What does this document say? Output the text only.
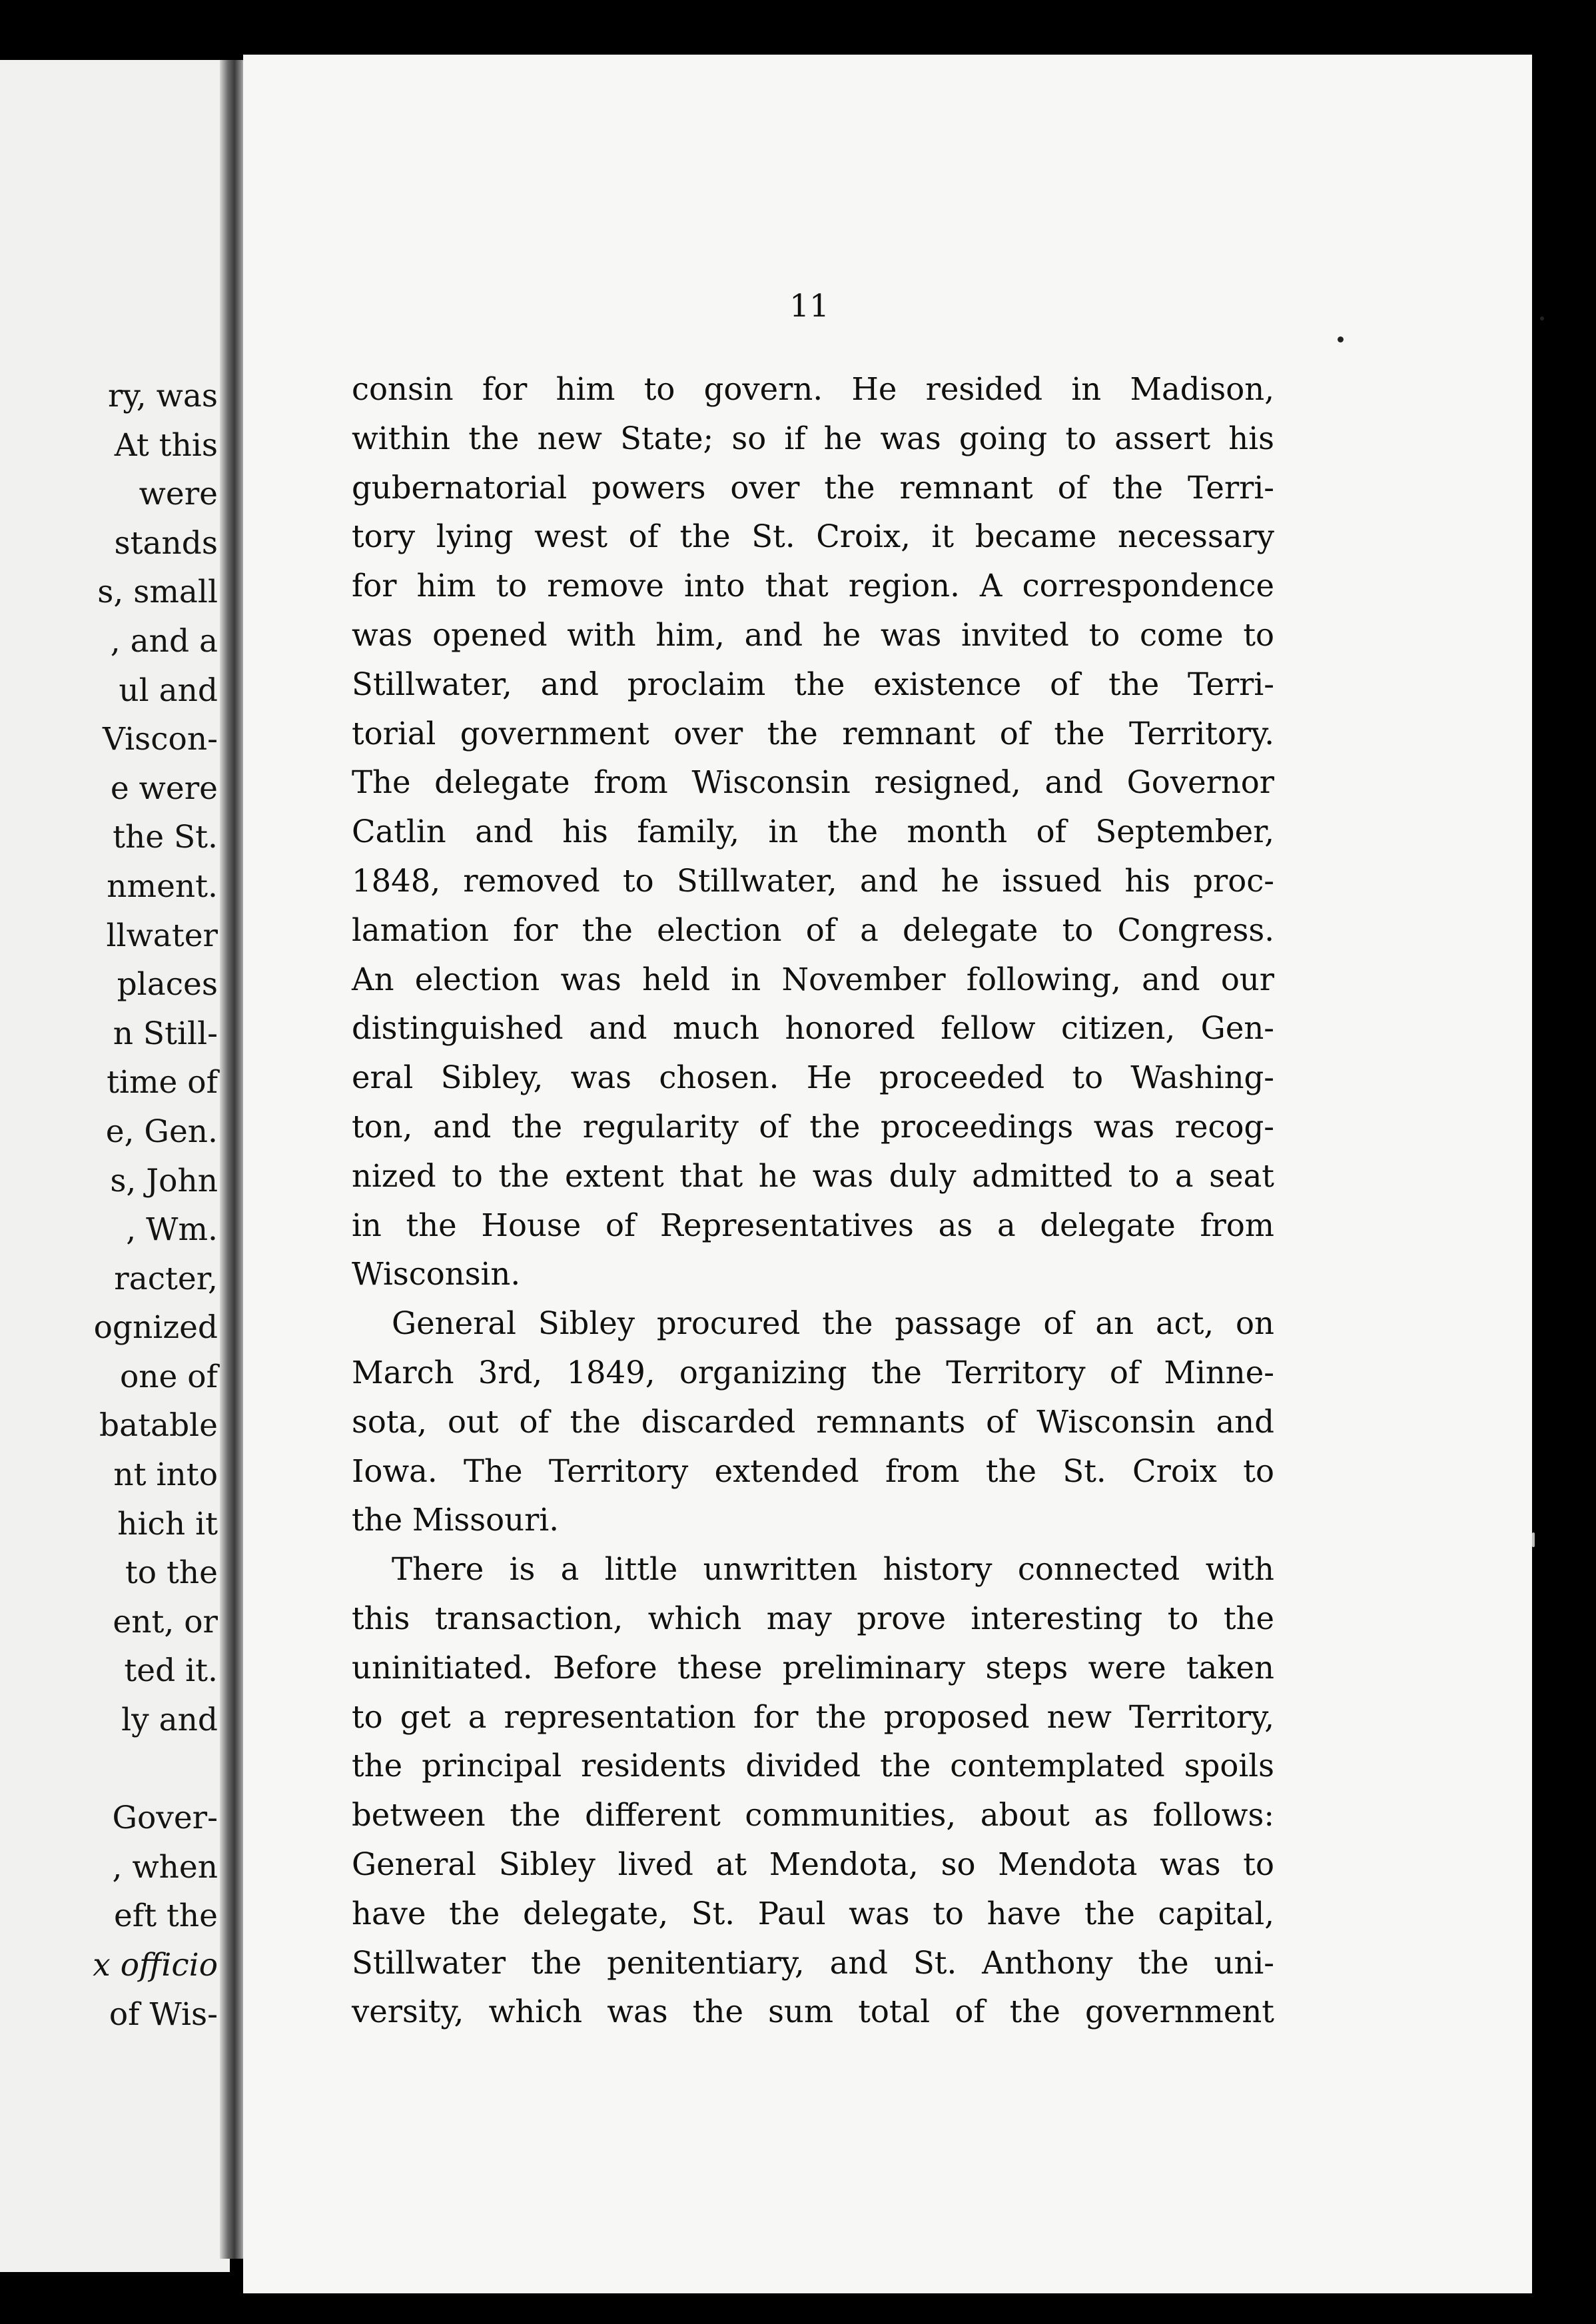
ry, was
At this
were
stands
s, small
, and a
ul and
Viscon-
e were
the St.
nment.
llwater
places
n Still-
time of
e, Gen.
s, John
, Wm.
racter,
ognized
one of
batable
nt into
hich it
to the
ent, or
ted it.
ly and

Gover-
, when
eft the
x officio
of Wis-
11
consin for him to govern. He resided in Madison,
within the new State; so if he was going to assert his
gubernatorial powers over the remnant of the Terri-
tory lying west of the St. Croix, it became necessary
for him to remove into that region. A correspondence
was opened with him, and he was invited to come to
Stillwater, and proclaim the existence of the Terri-
torial government over the remnant of the Territory.
The delegate from Wisconsin resigned, and Governor
Catlin and his family, in the month of September,
1848, removed to Stillwater, and he issued his proc-
lamation for the election of a delegate to Congress.
An election was held in November following, and our
distinguished and much honored fellow citizen, Gen-
eral Sibley, was chosen. He proceeded to Washing-
ton, and the regularity of the proceedings was recog-
nized to the extent that he was duly admitted to a seat
in the House of Representatives as a delegate from
Wisconsin.
General Sibley procured the passage of an act, on
March 3rd, 1849, organizing the Territory of Minne-
sota, out of the discarded remnants of Wisconsin and
Iowa. The Territory extended from the St. Croix to
the Missouri.
There is a little unwritten history connected with
this transaction, which may prove interesting to the
uninitiated. Before these preliminary steps were taken
to get a representation for the proposed new Territory,
the principal residents divided the contemplated spoils
between the different communities, about as follows:
General Sibley lived at Mendota, so Mendota was to
have the delegate, St. Paul was to have the capital,
Stillwater the penitentiary, and St. Anthony the uni-
versity, which was the sum total of the government
